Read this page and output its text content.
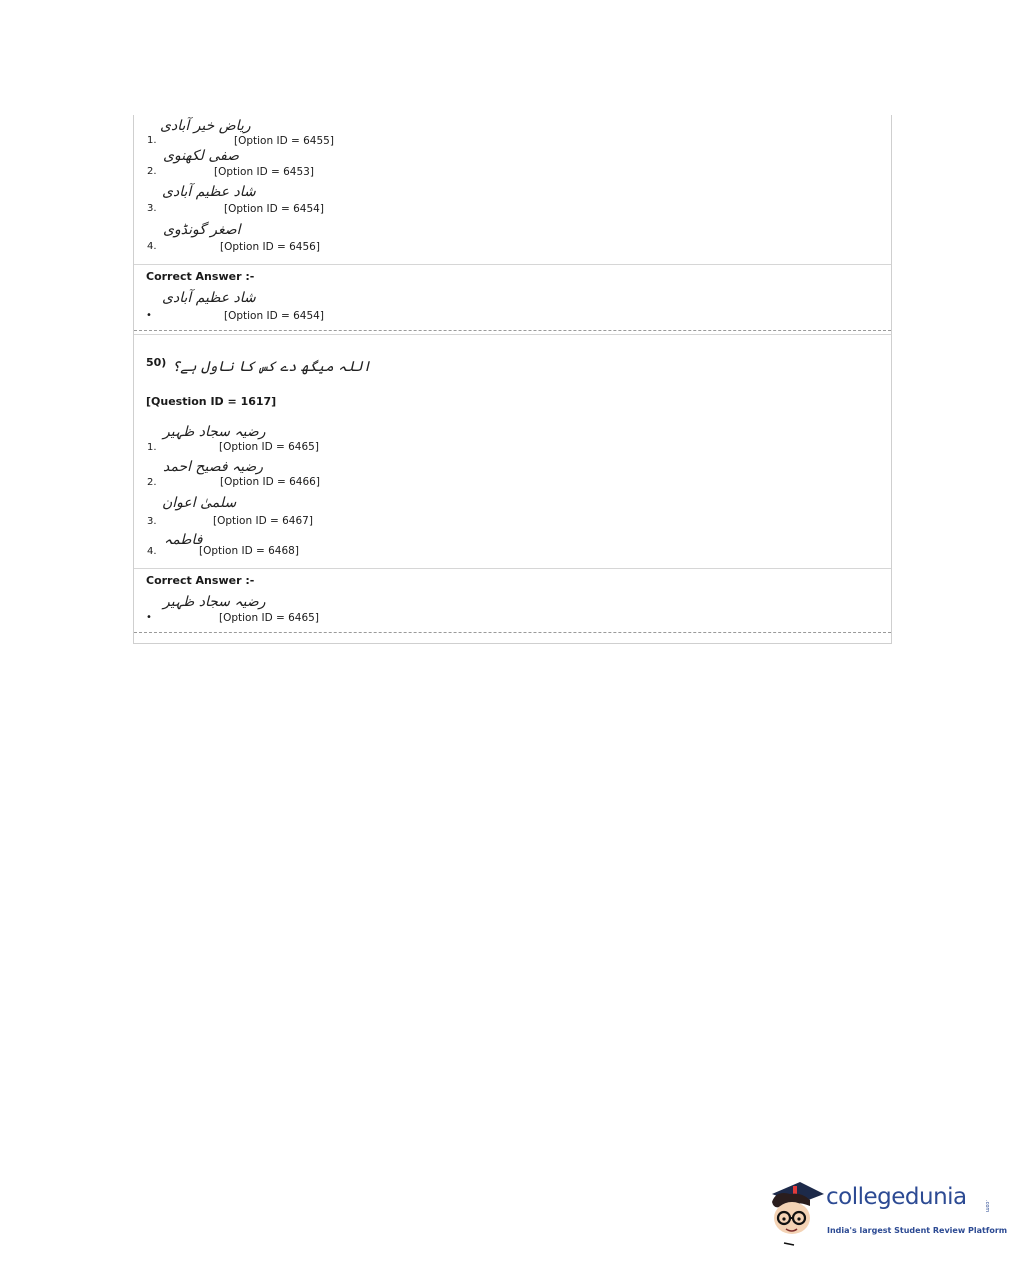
1.
ریاض خیر آبادی
[Option ID = 6455]
2.
صفی لکھنوی
[Option ID = 6453]
3.
شاد عظیم آبادی
[Option ID = 6454]
4.
اصغر گونڈوی
[Option ID = 6456]
Correct Answer :-
•
شاد عظیم آبادی
[Option ID = 6454]
50) اللہ میگھ دے کس کا ناول ہے؟
[Question ID = 1617]
1.
رضیہ سجاد ظہیر
[Option ID = 6465]
2.
رضیہ فصیح احمد
[Option ID = 6466]
3.
سلمیٰ اعوان
[Option ID = 6467]
4.
فاطمہ
[Option ID = 6468]
Correct Answer :-
•
رضیہ سجاد ظہیر
[Option ID = 6465]
collegedunia	.com
India's largest Student Review Platform
